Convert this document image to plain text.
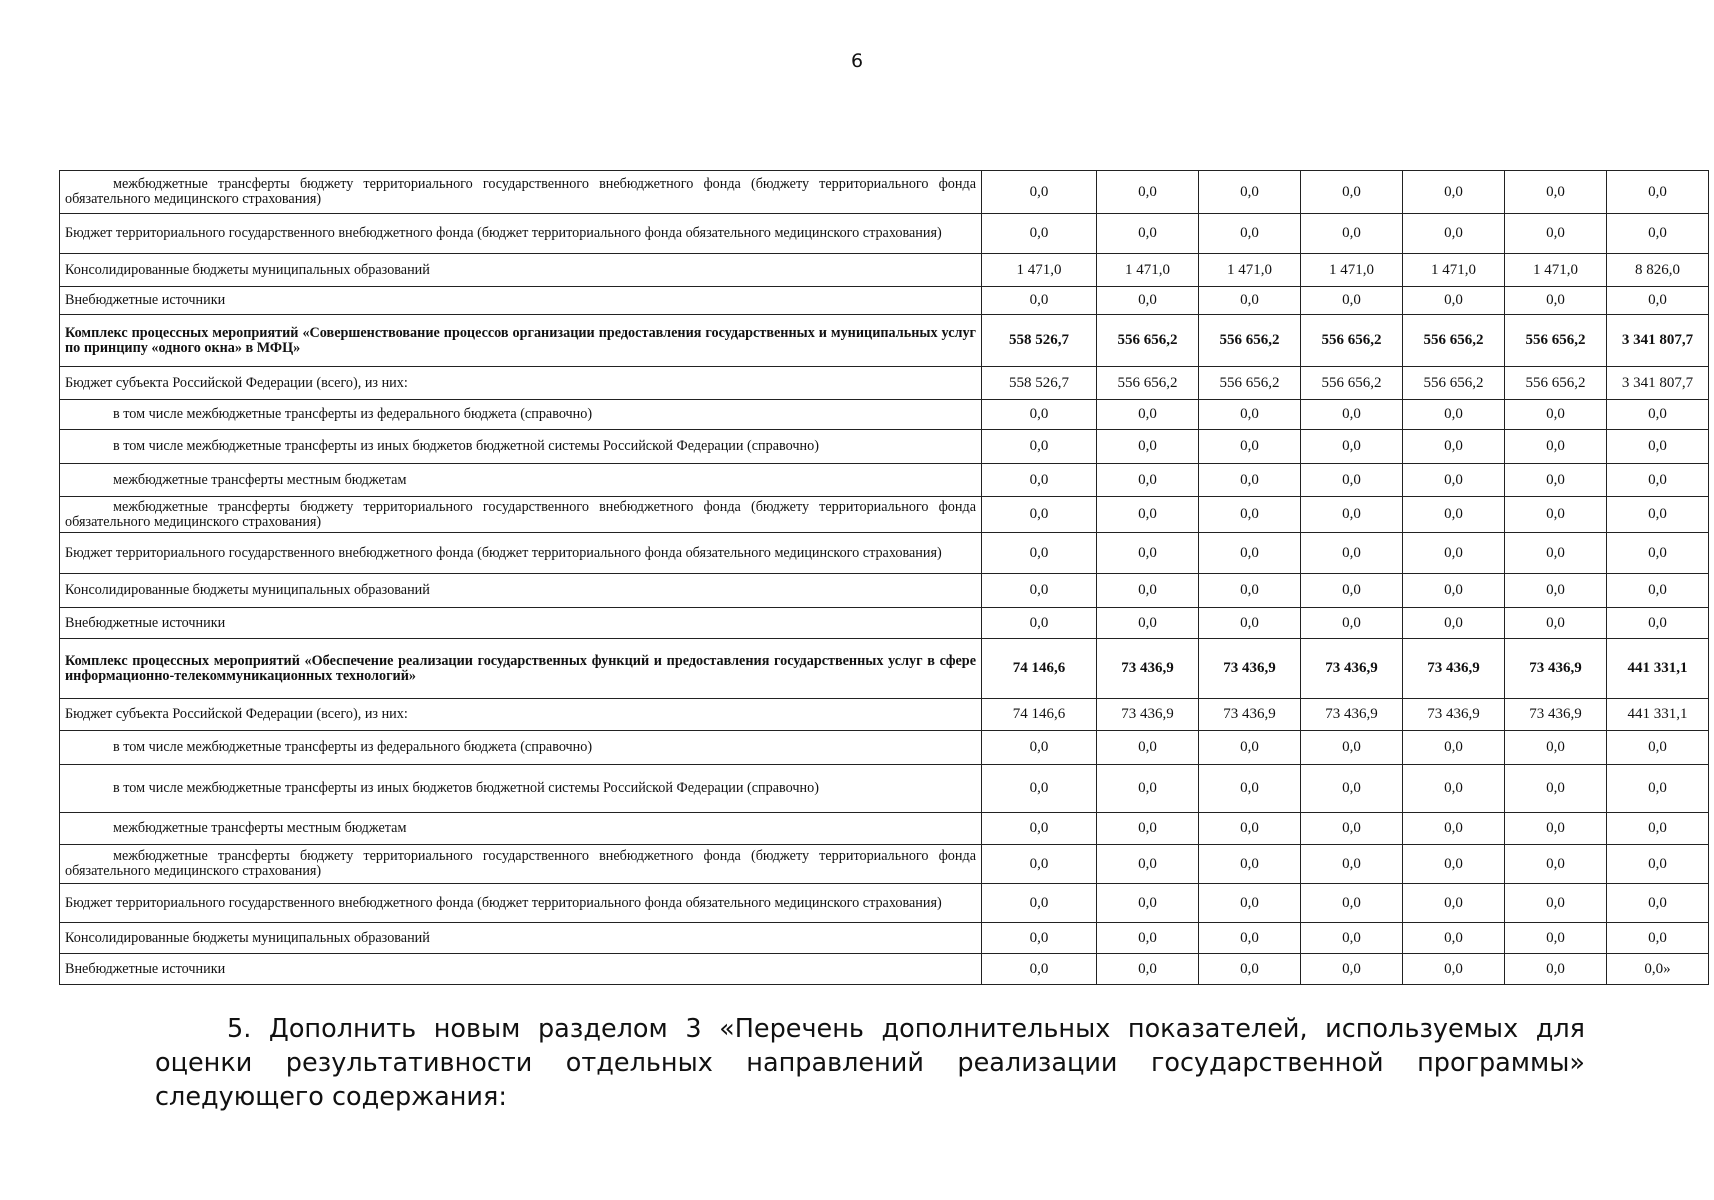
6
межбюджетные трансферты бюджету территориального государственного внебюджетного фонда (бюджету территориального фонда обязательного медицинского страхования)	0,0	0,0	0,0	0,0	0,0	0,0	0,0
Бюджет территориального государственного внебюджетного фонда (бюджет территориального фонда обязательного медицинского страхования)	0,0	0,0	0,0	0,0	0,0	0,0	0,0
Консолидированные бюджеты муниципальных образований	1 471,0	1 471,0	1 471,0	1 471,0	1 471,0	1 471,0	8 826,0
Внебюджетные источники	0,0	0,0	0,0	0,0	0,0	0,0	0,0
Комплекс процессных мероприятий «Совершенствование процессов организации предоставления государственных и муниципальных услуг по принципу «одного окна» в МФЦ»	558 526,7	556 656,2	556 656,2	556 656,2	556 656,2	556 656,2	3 341 807,7
Бюджет субъекта Российской Федерации (всего), из них:	558 526,7	556 656,2	556 656,2	556 656,2	556 656,2	556 656,2	3 341 807,7
в том числе межбюджетные трансферты из федерального бюджета (справочно)	0,0	0,0	0,0	0,0	0,0	0,0	0,0
в том числе межбюджетные трансферты из иных бюджетов бюджетной системы Российской Федерации (справочно)	0,0	0,0	0,0	0,0	0,0	0,0	0,0
межбюджетные трансферты местным бюджетам	0,0	0,0	0,0	0,0	0,0	0,0	0,0
межбюджетные трансферты бюджету территориального государственного внебюджетного фонда (бюджету территориального фонда обязательного медицинского страхования)	0,0	0,0	0,0	0,0	0,0	0,0	0,0
Бюджет территориального государственного внебюджетного фонда (бюджет территориального фонда обязательного медицинского страхования)	0,0	0,0	0,0	0,0	0,0	0,0	0,0
Консолидированные бюджеты муниципальных образований	0,0	0,0	0,0	0,0	0,0	0,0	0,0
Внебюджетные источники	0,0	0,0	0,0	0,0	0,0	0,0	0,0
Комплекс процессных мероприятий «Обеспечение реализации государственных функций и предоставления государственных услуг в сфере информационно-телекоммуникационных технологий»	74 146,6	73 436,9	73 436,9	73 436,9	73 436,9	73 436,9	441 331,1
Бюджет субъекта Российской Федерации (всего), из них:	74 146,6	73 436,9	73 436,9	73 436,9	73 436,9	73 436,9	441 331,1
в том числе межбюджетные трансферты из федерального бюджета (справочно)	0,0	0,0	0,0	0,0	0,0	0,0	0,0
в том числе межбюджетные трансферты из иных бюджетов бюджетной системы Российской Федерации (справочно)	0,0	0,0	0,0	0,0	0,0	0,0	0,0
межбюджетные трансферты местным бюджетам	0,0	0,0	0,0	0,0	0,0	0,0	0,0
межбюджетные трансферты бюджету территориального государственного внебюджетного фонда (бюджету территориального фонда обязательного медицинского страхования)	0,0	0,0	0,0	0,0	0,0	0,0	0,0
Бюджет территориального государственного внебюджетного фонда (бюджет территориального фонда обязательного медицинского страхования)	0,0	0,0	0,0	0,0	0,0	0,0	0,0
Консолидированные бюджеты муниципальных образований	0,0	0,0	0,0	0,0	0,0	0,0	0,0
Внебюджетные источники	0,0	0,0	0,0	0,0	0,0	0,0	0,0»
5. Дополнить новым разделом 3 «Перечень дополнительных показателей, используемых для оценки результативности отдельных направлений реализации государственной программы» следующего содержания:
